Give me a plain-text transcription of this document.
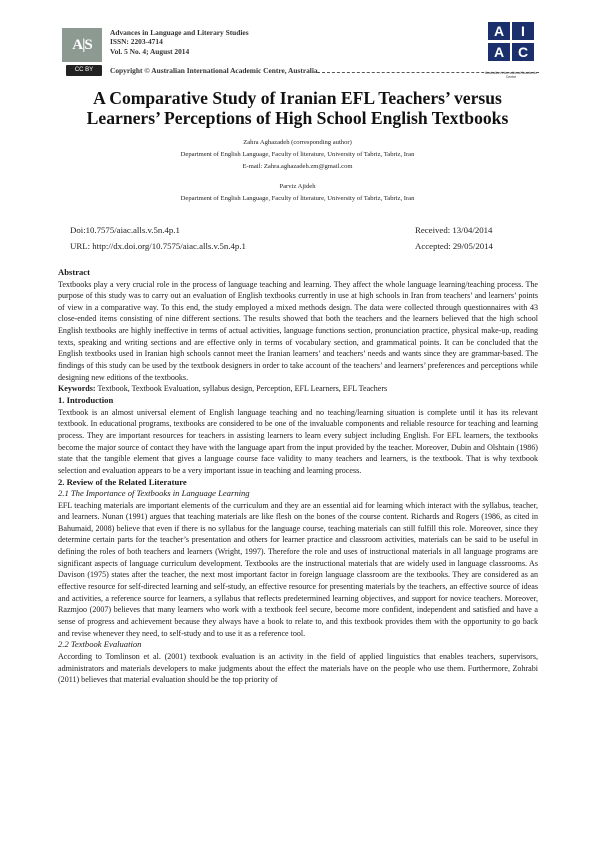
A|S
Advances in Language and Literary Studies
ISSN: 2203-4714
Vol. 5 No. 4; August 2014
A	I
A C
Australian International Academic Centre
CC BY	Copyright © Australian International Academic Centre, Australia
A Comparative Study of Iranian EFL Teachers’ versus
Learners’ Perceptions of High School English Textbooks
Zahra Aghazadeh (corresponding author)
Department of English Language, Faculty of literature, University of Tabriz, Tabriz, Iran
E-mail: Zahra.aghazadeh.zm@gmail.com
Parviz Ajideh
Department of English Language, Faculty of literature, University of Tabriz, Tabriz, Iran
Doi:10.7575/aiac.alls.v.5n.4p.1	Received: 13/04/2014
URL: http://dx.doi.org/10.7575/aiac.alls.v.5n.4p.1	Accepted: 29/05/2014
Abstract

Textbooks play a very crucial role in the process of language teaching and learning. They affect the whole language learning/teaching process. The purpose of this study was to carry out an evaluation of English textbooks currently in use at high schools in Iran from teachers’ and learners’ points of view in a comparative way. To this end, the study employed a mixed methods design. The data were collected through questionnaires with 43 close-ended items consisting of nine different sections. The results showed that both the teachers and the learners believed that the high school English textbooks are highly ineffective in terms of actual activities, language functions section, pronunciation practice, physical make-up, reading texts, speaking and writing sections and are effective only in terms of vocabulary section, and grammatical points. It can be concluded that the English textbooks used in Iranian high schools cannot meet the Iranian learners’ and teachers’ needs and wants since they are grammar-based. The findings of this study can be used by the textbook designers in order to take account of the teachers’ and learners’ preferences and perceptions while designing new editions of the textbooks.

Keywords: Textbook, Textbook Evaluation, syllabus design, Perception, EFL Learners, EFL Teachers

1. Introduction

Textbook is an almost universal element of English language teaching and no teaching/learning situation is complete until it has its relevant textbook. In educational programs, textbooks are considered to be one of the invaluable components and reliable resource for teaching and learning process. They are important resources for teachers in assisting learners to learn every subject including English. For EFL learners, the textbooks become the major source of contact they have with the language apart from the input provided by the teacher. Moreover, Dubin and Olshtain (1986) state that the tangible element that gives a language course face validity to many teachers and learners, is the textbook. That is why textbook selection and evaluation appears to be a very important issue in teaching and learning process.

2. Review of the Related Literature
2.1 The Importance of Textbooks in Language Learning

EFL teaching materials are important elements of the curriculum and they are an essential aid for learning which interact with the syllabus, teacher, and learners. Nunan (1991) argues that teaching materials are like flesh on the bones of the course content. Richards and Rogers (1986, as cited in Bahumaid, 2008) believe that even if there is no syllabus for the language course, teaching materials can still fulfill this role. Moreover, since they determine certain parts for the teacher’s presentation and others for learner practice and classroom activities, materials can be said to be useful in defining the roles of both teachers and learners (Wright, 1997). Therefore the role and uses of instructional materials in all language programs are significant aspects of language curriculum development. Textbooks are the instructional materials that are widely used in language classrooms. As Davison (1975) states after the teacher, the next most important factor in foreign language classroom are the textbooks. They are considered as an effective resource for self-directed learning and self-study, an effective resource for presenting materials by the teachers, an effective source of ideas and activities, a reference source for learners, a syllabus that reflects predetermined learning objectives, and support for novice teachers. Moreover, Razmjoo (2007) believes that many learners who work with a textbook feel secure, become more confident, independent and satisfied and have a sense of progress and achievement because they always have a book to relate to, and this textbook provides them with the opportunity to go back and revise whenever they need, to self-study and to use it as a reference tool.

2.2 Textbook Evaluation

According to Tomlinson et al. (2001) textbook evaluation is an activity in the field of applied linguistics that enables teachers, supervisors, administrators and materials developers to make judgments about the effect the materials have on the people who use them. Furthermore, Zohrabi (2011) believes that material evaluation should be the top priority of
